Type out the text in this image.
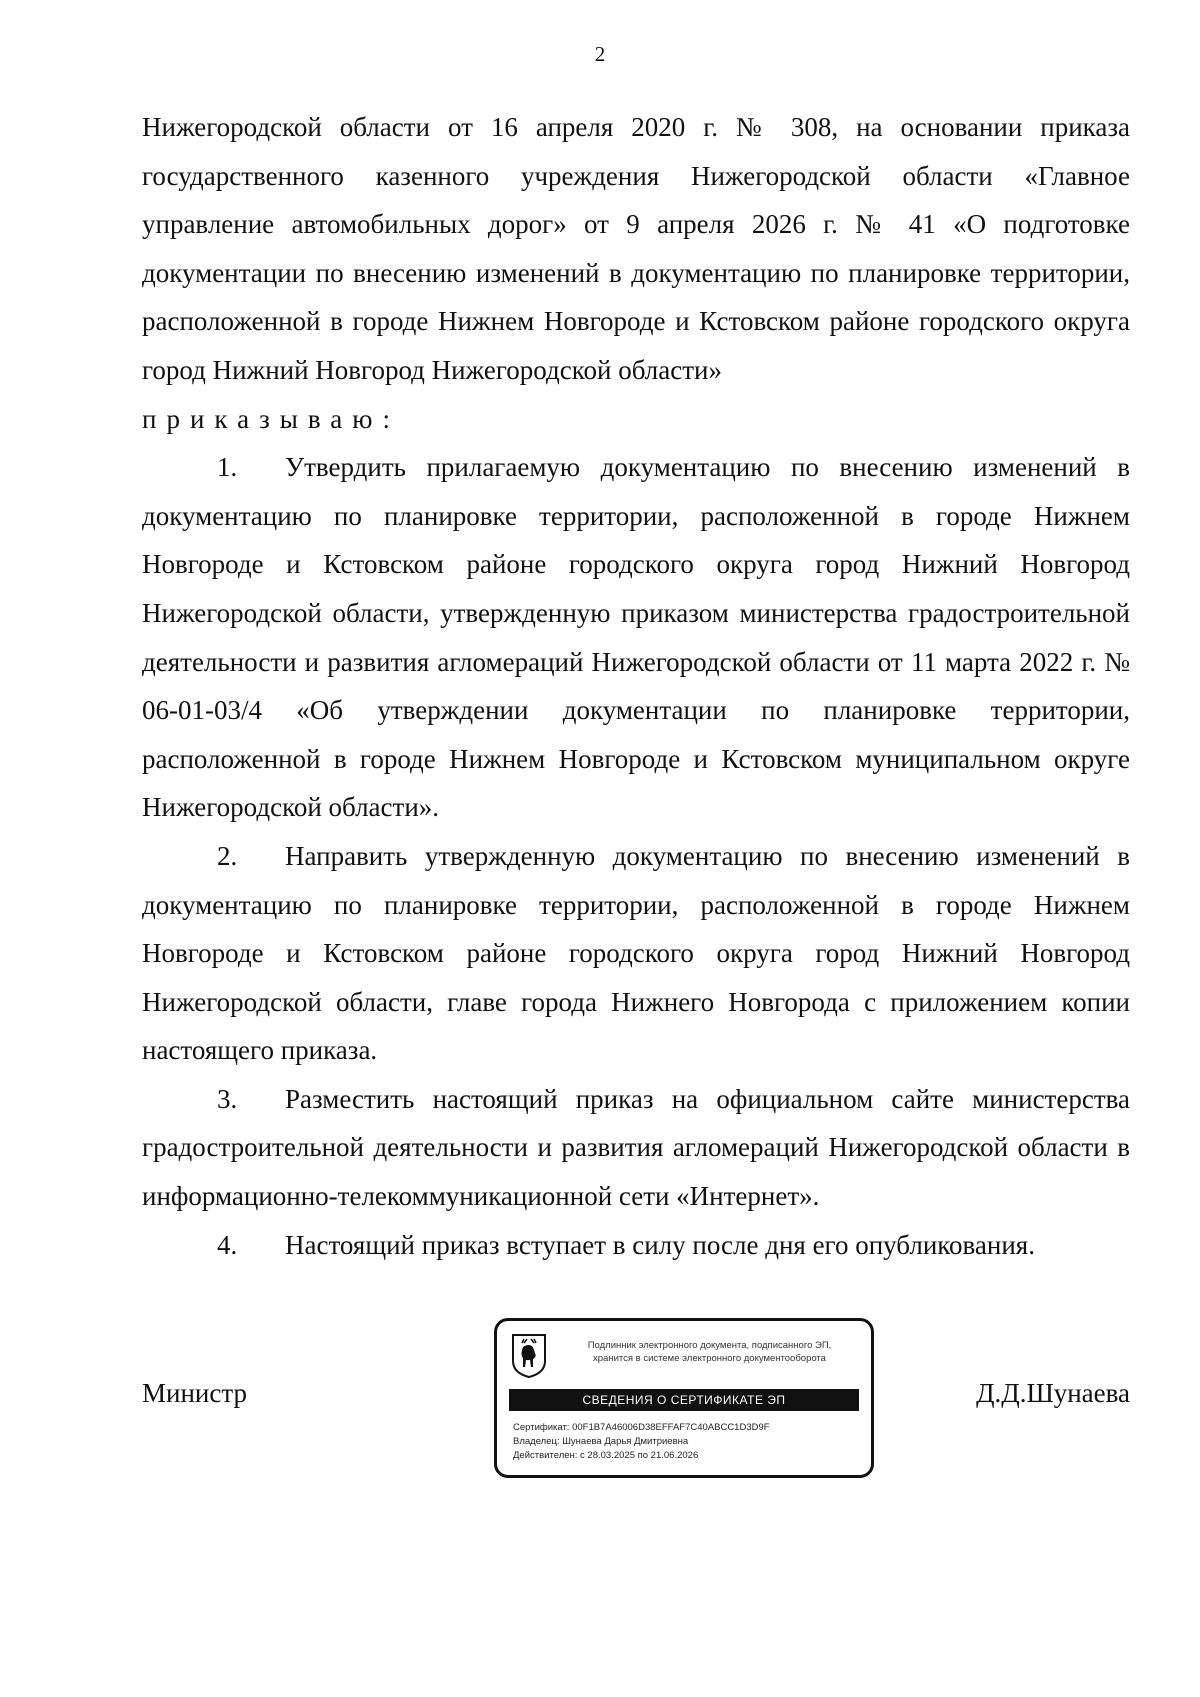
2

Нижегородской области от 16 апреля 2020 г. № 308, на основании приказа государственного казенного учреждения Нижегородской области «Главное управление автомобильных дорог» от 9 апреля 2026 г. № 41 «О подготовке документации по внесению изменений в документацию по планировке территории, расположенной в городе Нижнем Новгороде и Кстовском районе городского округа город Нижний Новгород Нижегородской области»

приказываю:

1. Утвердить прилагаемую документацию по внесению изменений в документацию по планировке территории, расположенной в городе Нижнем Новгороде и Кстовском районе городского округа город Нижний Новгород Нижегородской области, утвержденную приказом министерства градостроительной деятельности и развития агломераций Нижегородской области от 11 марта 2022 г. № 06-01-03/4 «Об утверждении документации по планировке территории, расположенной в городе Нижнем Новгороде и Кстовском муниципальном округе Нижегородской области».

2. Направить утвержденную документацию по внесению изменений в документацию по планировке территории, расположенной в городе Нижнем Новгороде и Кстовском районе городского округа город Нижний Новгород Нижегородской области, главе города Нижнего Новгорода с приложением копии настоящего приказа.

3. Разместить настоящий приказ на официальном сайте министерства градостроительной деятельности и развития агломераций Нижегородской области в информационно-телекоммуникационной сети «Интернет».

4. Настоящий приказ вступает в силу после дня его опубликования.

Министр	Д.Д.Шунаева
Подлинник электронного документа, подписанного ЭП,
хранится в системе электронного документооборота
СВЕДЕНИЯ О СЕРТИФИКАТЕ ЭП
Сертификат: 00F1B7A46006D38EFFAF7C40ABCC1D3D9F
Владелец: Шунаева Дарья Дмитриевна
Действителен: с 28.03.2025 по 21.06.2026
